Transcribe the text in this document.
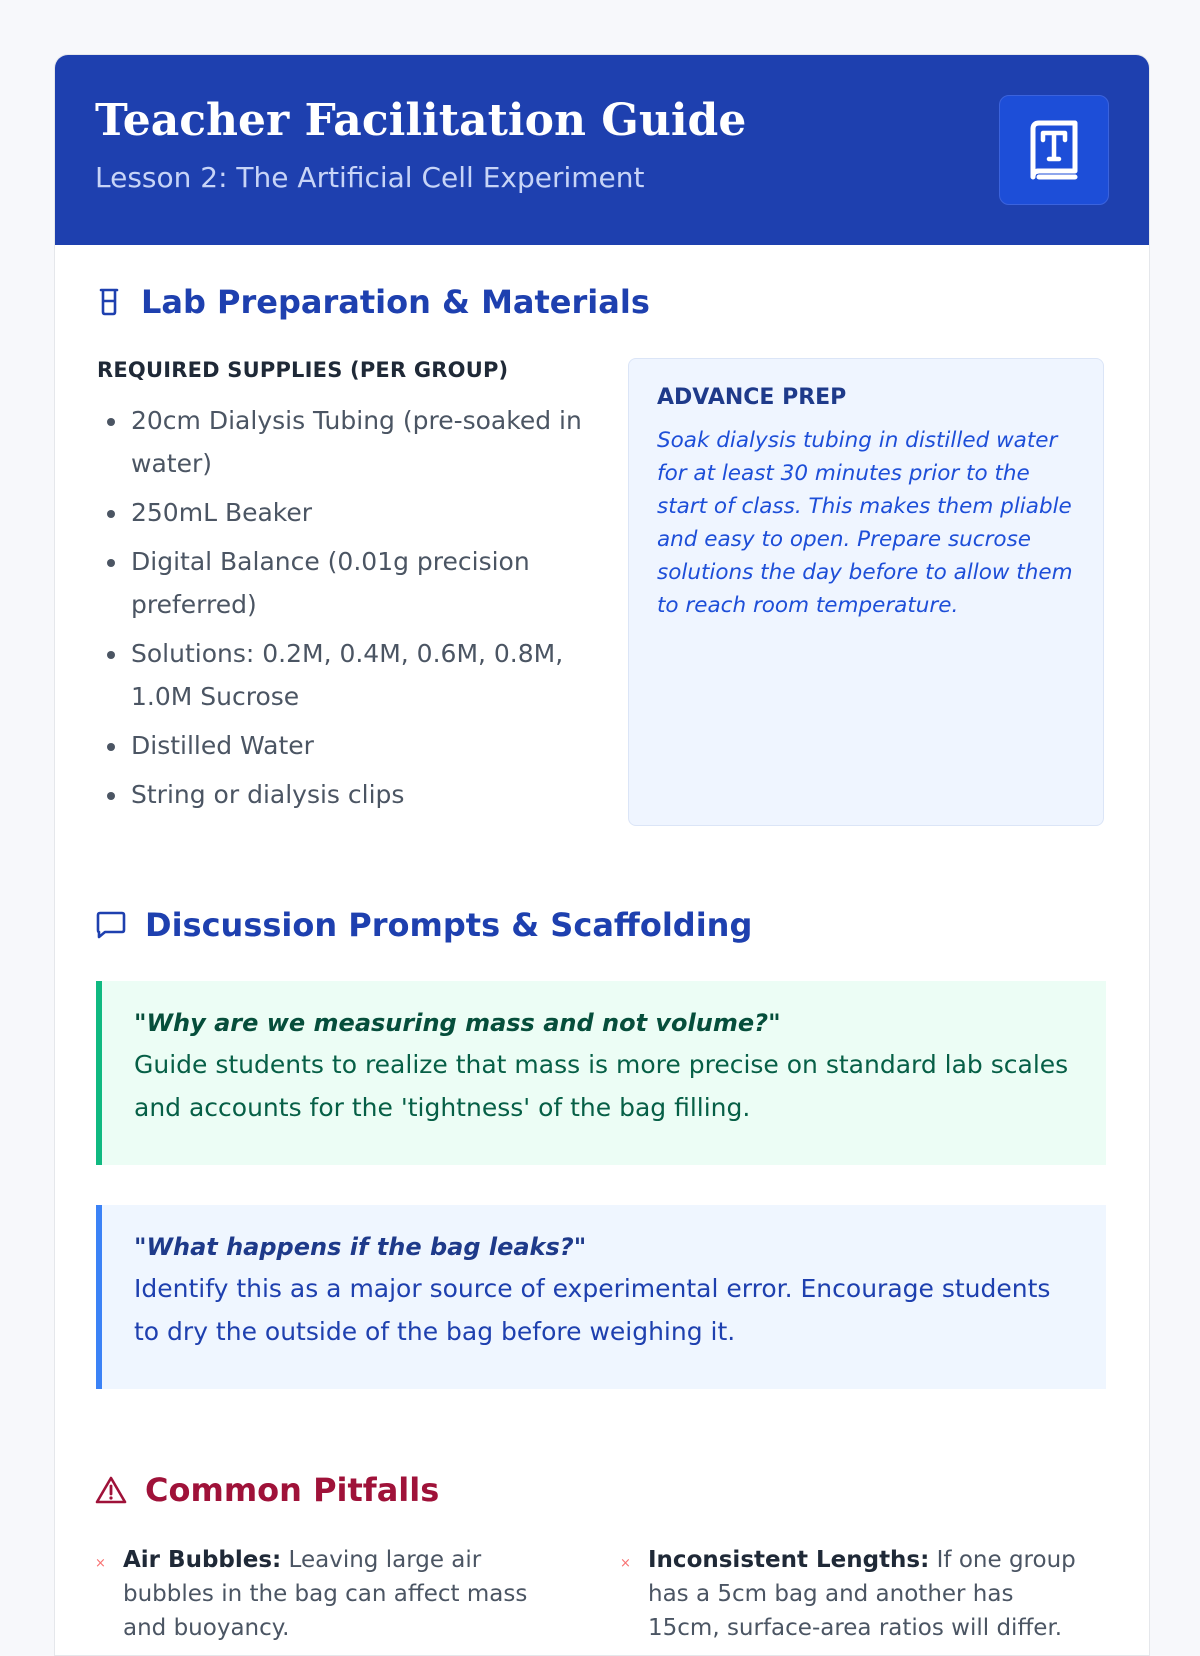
Teacher Facilitation Guide
Lesson 2: The Artificial Cell Experiment
Lab Preparation & Materials
REQUIRED SUPPLIES (PER GROUP)
• 20cm Dialysis Tubing (pre-soaked in water)
• 250mL Beaker
• Digital Balance (0.01g precision preferred)
• Solutions: 0.2M, 0.4M, 0.6M, 0.8M, 1.0M Sucrose
• Distilled Water
• String or dialysis clips
ADVANCE PREP
Soak dialysis tubing in distilled water for at least 30 minutes prior to the start of class. This makes them pliable and easy to open. Prepare sucrose solutions the day before to allow them to reach room temperature.
Discussion Prompts & Scaffolding
"Why are we measuring mass and not volume?"
Guide students to realize that mass is more precise on standard lab scales and accounts for the 'tightness' of the bag filling.
"What happens if the bag leaks?"
Identify this as a major source of experimental error. Encourage students to dry the outside of the bag before weighing it.
Common Pitfalls
× Air Bubbles: Leaving large air bubbles in the bag can affect mass and buoyancy.
× Inconsistent Lengths: If one group has a 5cm bag and another has 15cm, surface-area ratios will differ.
